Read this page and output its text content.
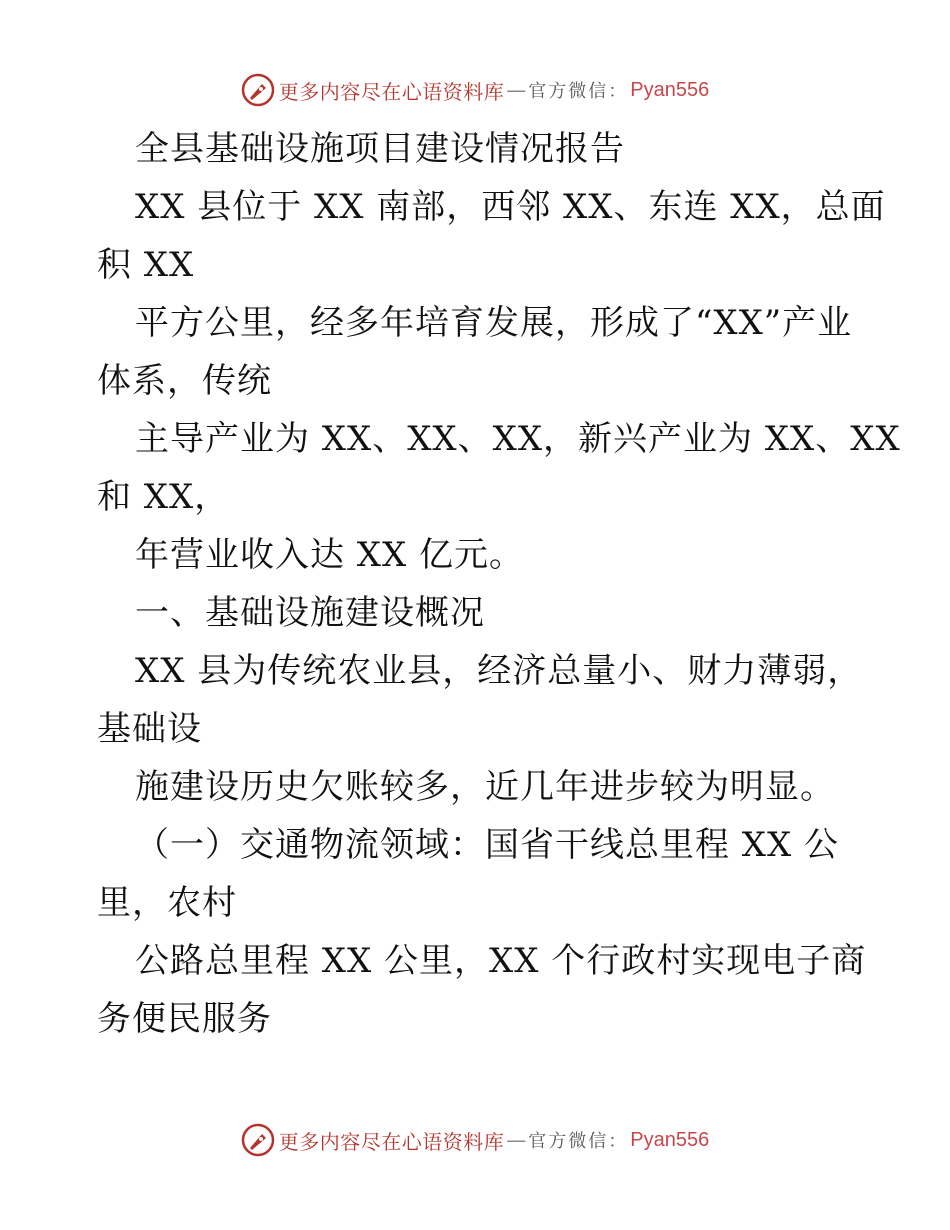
更多内容尽在心语资料库 — 官方微信： Pyan556
全县基础设施项目建设情况报告
XX 县位于 XX 南部，西邻 XX、东连 XX，总面
积 XX
平方公里，经多年培育发展，形成了“XX”产业
体系，传统
主导产业为 XX、XX、XX，新兴产业为 XX、XX
和 XX，
年营业收入达 XX 亿元。
一、基础设施建设概况
XX 县为传统农业县，经济总量小、财力薄弱，
基础设
施建设历史欠账较多，近几年进步较为明显。
（一）交通物流领域：国省干线总里程 XX 公
里，农村
公路总里程 XX 公里，XX 个行政村实现电子商
务便民服务
更多内容尽在心语资料库 — 官方微信： Pyan556
